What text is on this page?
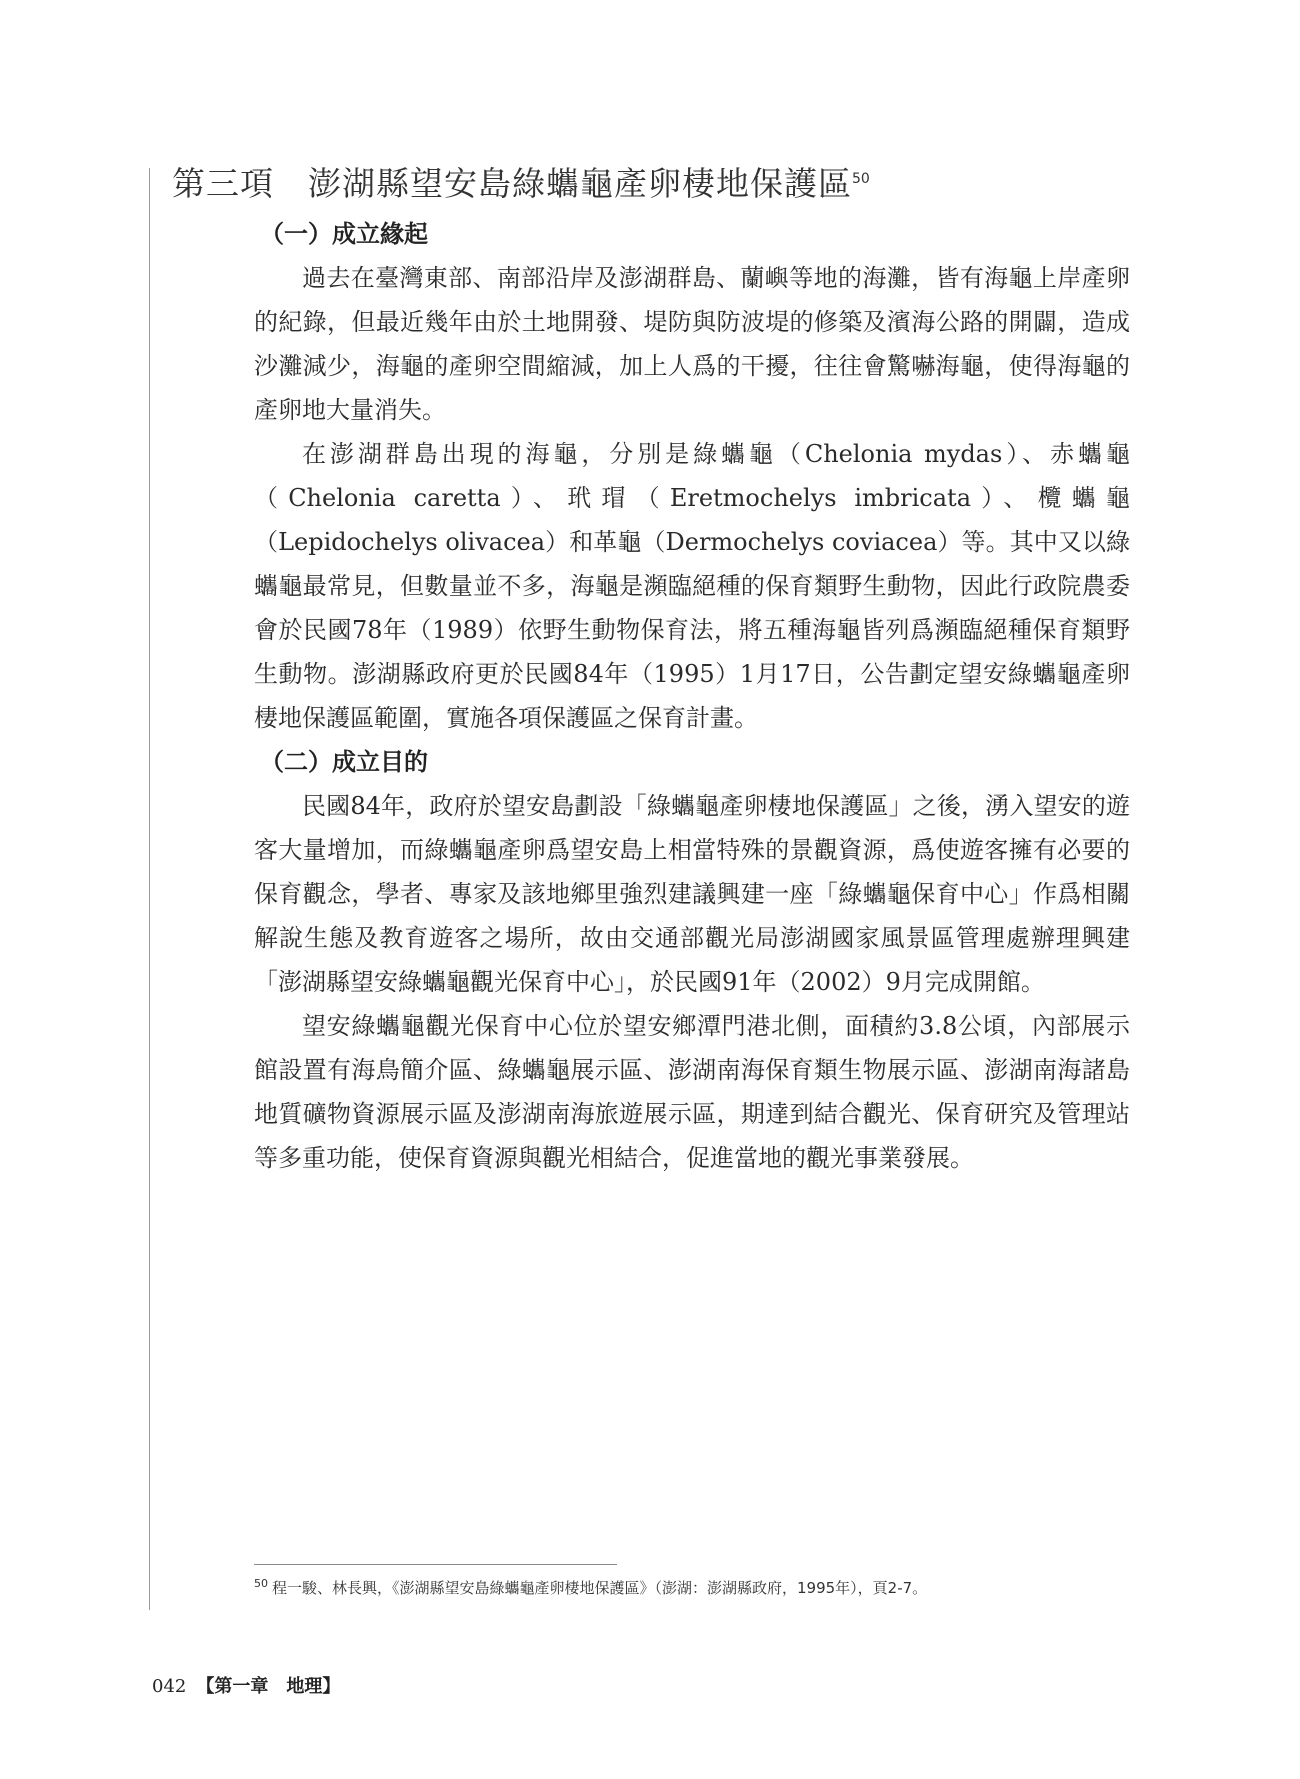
第三項 澎湖縣望安島綠蠵龜產卵棲地保護區$^{50}$
（一）成立緣起

過去在臺灣東部、南部沿岸及澎湖群島、蘭嶼等地的海灘，皆有海龜上岸產卵的紀錄，但最近幾年由於土地開發、堤防與防波堤的修築及濱海公路的開闢，造成沙灘減少，海龜的產卵空間縮減，加上人爲的干擾，往往會驚嚇海龜，使得海龜的產卵地大量消失。

在澎湖群島出現的海龜，分別是綠蠵龜（Chelonia mydas）、赤蠵龜（Chelonia caretta）、玳瑁（Eretmochelys imbricata）、欖蠵龜（Lepidochelys olivacea）和革龜（Dermochelys coviacea）等。其中又以綠蠵龜最常見，但數量並不多，海龜是瀕臨絕種的保育類野生動物，因此行政院農委會於民國78年（1989）依野生動物保育法，將五種海龜皆列爲瀕臨絕種保育類野生動物。澎湖縣政府更於民國84年（1995）1月17日，公告劃定望安綠蠵龜產卵棲地保護區範圍，實施各項保護區之保育計畫。

（二）成立目的

民國84年，政府於望安島劃設「綠蠵龜產卵棲地保護區」之後，湧入望安的遊客大量增加，而綠蠵龜產卵爲望安島上相當特殊的景觀資源，爲使遊客擁有必要的保育觀念，學者、專家及該地鄉里強烈建議興建一座「綠蠵龜保育中心」作爲相關解說生態及教育遊客之場所，故由交通部觀光局澎湖國家風景區管理處辦理興建「澎湖縣望安綠蠵龜觀光保育中心」，於民國91年（2002）9月完成開館。

望安綠蠵龜觀光保育中心位於望安鄉潭門港北側，面積約3.8公頃，內部展示館設置有海鳥簡介區、綠蠵龜展示區、澎湖南海保育類生物展示區、澎湖南海諸島地質礦物資源展示區及澎湖南海旅遊展示區，期達到結合觀光、保育研究及管理站等多重功能，使保育資源與觀光相結合，促進當地的觀光事業發展。

$^{50}$ 程一駿、林長興，《澎湖縣望安島綠蠵龜產卵棲地保護區》（澎湖：澎湖縣政府，1995年），頁2-7。
042 【第一章　地理】
